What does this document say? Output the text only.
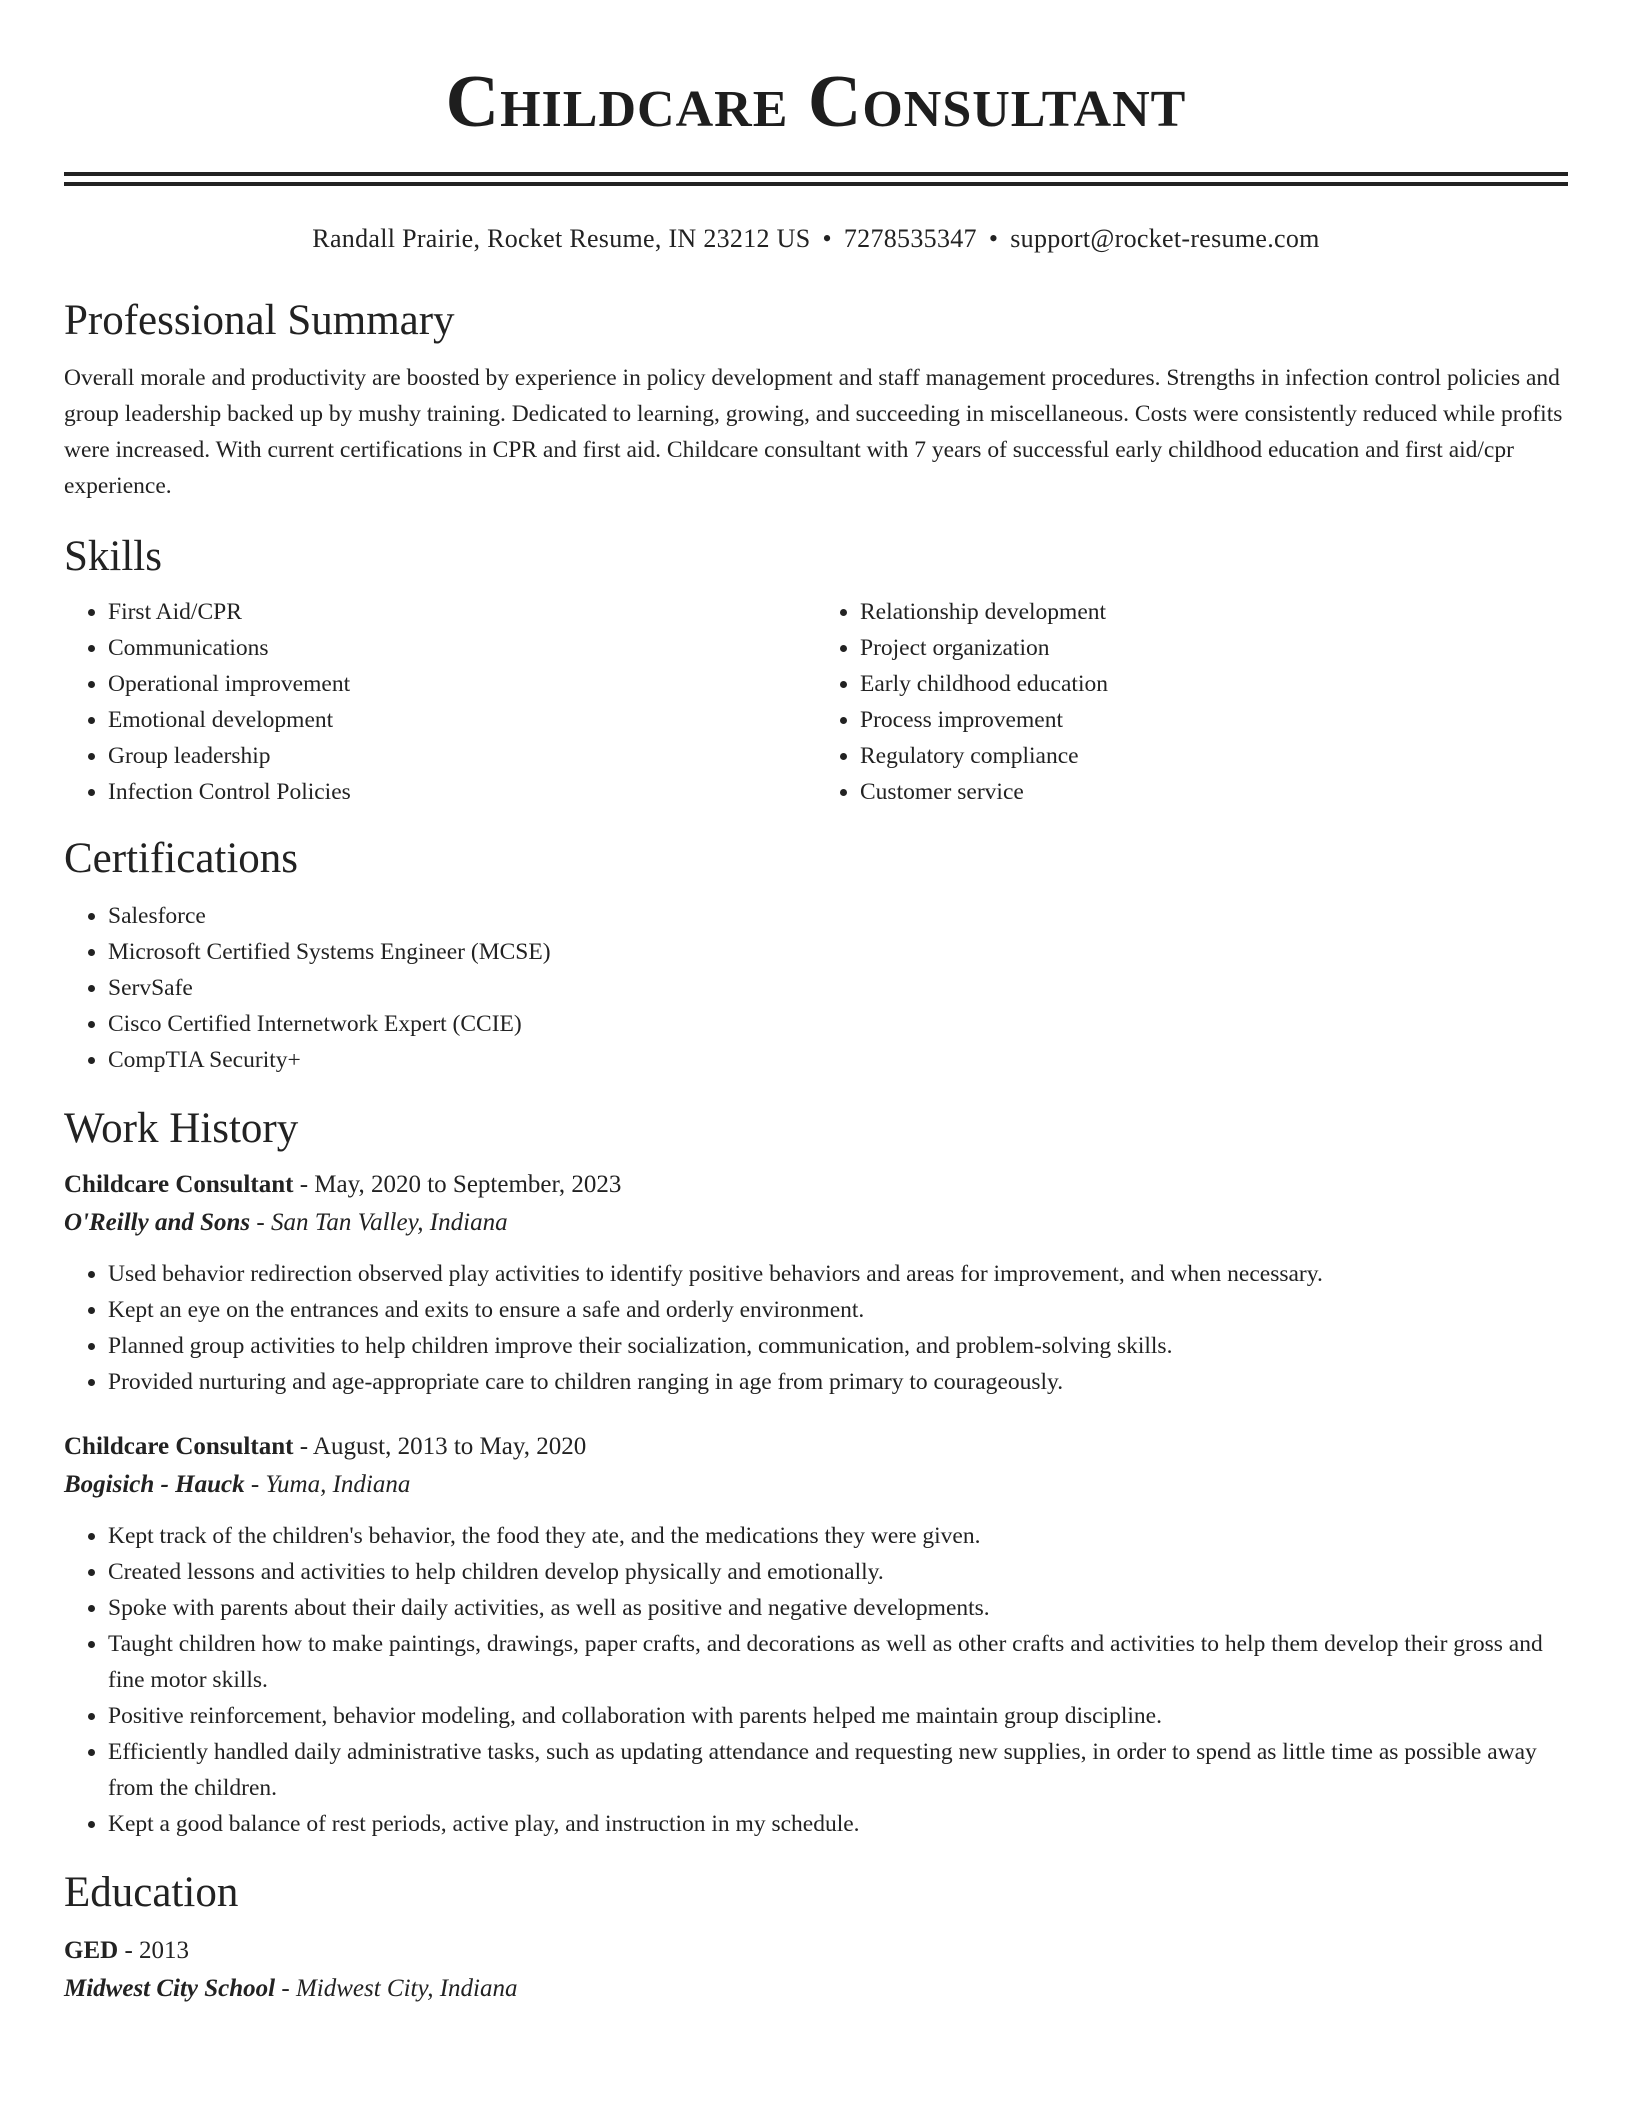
Childcare Consultant
Randall Prairie, Rocket Resume, IN 23212 US • 7278535347 • support@rocket-resume.com
Professional Summary
Overall morale and productivity are boosted by experience in policy development and staff management procedures. Strengths in infection control policies and group leadership backed up by mushy training. Dedicated to learning, growing, and succeeding in miscellaneous. Costs were consistently reduced while profits were increased. With current certifications in CPR and first aid. Childcare consultant with 7 years of successful early childhood education and first aid/cpr experience.
Skills
• First Aid/CPR
• Communications
• Operational improvement
• Emotional development
• Group leadership
• Infection Control Policies
• Relationship development
• Project organization
• Early childhood education
• Process improvement
• Regulatory compliance
• Customer service
Certifications
• Salesforce
• Microsoft Certified Systems Engineer (MCSE)
• ServSafe
• Cisco Certified Internetwork Expert (CCIE)
• CompTIA Security+
Work History
Childcare Consultant - May, 2020 to September, 2023
O'Reilly and Sons - San Tan Valley, Indiana
• Used behavior redirection observed play activities to identify positive behaviors and areas for improvement, and when necessary.
• Kept an eye on the entrances and exits to ensure a safe and orderly environment.
• Planned group activities to help children improve their socialization, communication, and problem-solving skills.
• Provided nurturing and age-appropriate care to children ranging in age from primary to courageously.
Childcare Consultant - August, 2013 to May, 2020
Bogisich - Hauck - Yuma, Indiana
• Kept track of the children's behavior, the food they ate, and the medications they were given.
• Created lessons and activities to help children develop physically and emotionally.
• Spoke with parents about their daily activities, as well as positive and negative developments.
• Taught children how to make paintings, drawings, paper crafts, and decorations as well as other crafts and activities to help them develop their gross and fine motor skills.
• Positive reinforcement, behavior modeling, and collaboration with parents helped me maintain group discipline.
• Efficiently handled daily administrative tasks, such as updating attendance and requesting new supplies, in order to spend as little time as possible away from the children.
• Kept a good balance of rest periods, active play, and instruction in my schedule.
Education
GED - 2013
Midwest City School - Midwest City, Indiana
